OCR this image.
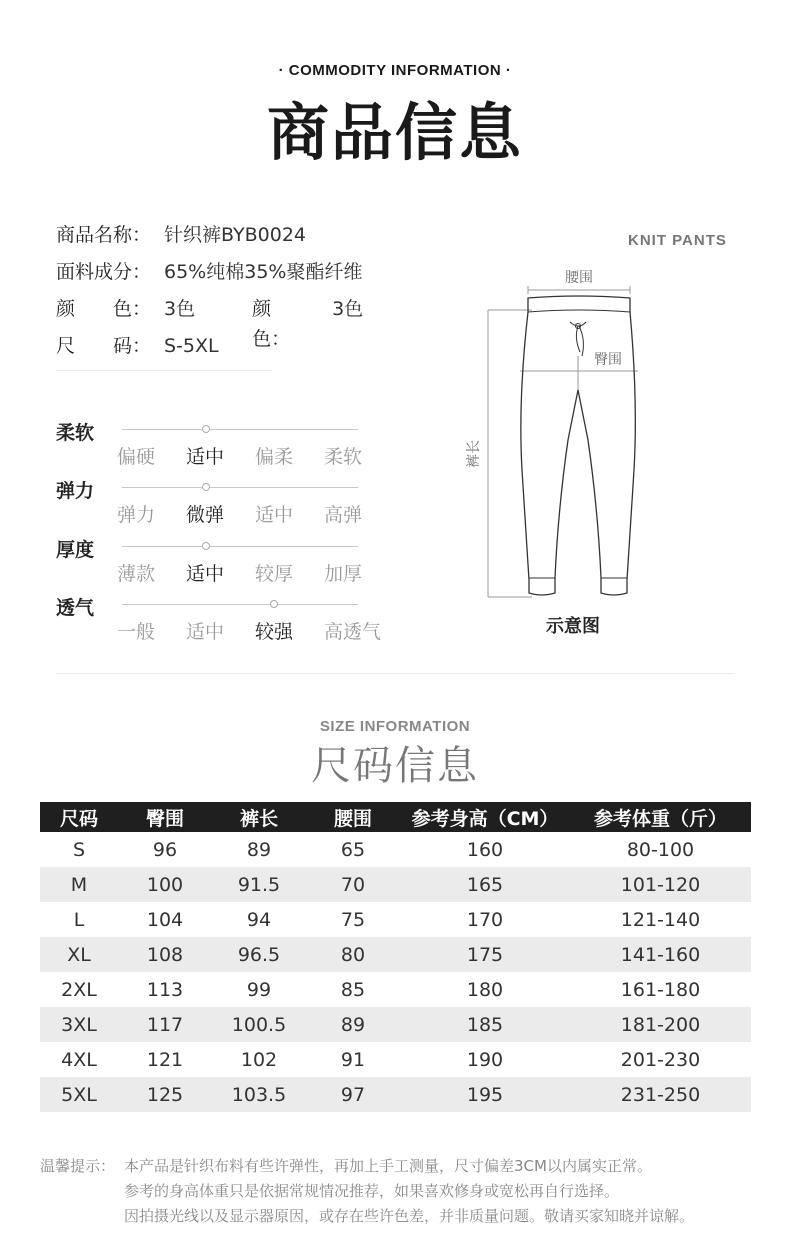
· COMMODITY INFORMATION ·
商品信息
商品名称： 针织裤BYB0024
面料成分： 65%纯棉35%聚酯纤维
颜　　色： 3色	颜　　色：
3色
尺　　码： S-5XL
柔软
偏硬	适中	偏柔	柔软
弹力
弹力	微弹	适中	高弹
厚度
薄款	适中	较厚	加厚
透气
一般	适中	较强	高透气
KNIT PANTS
腰围
臀围
裤长
示意图
SIZE INFORMATION
尺码信息
尺码	臀围	裤长	腰围	参考身高（CM）	参考体重（斤）
S	96	89	65	160	80-100
M	100	91.5	70	165	101-120
L	104	94	75	170	121-140
XL	108	96.5	80	175	141-160
2XL	113	99	85	180	161-180
3XL	117	100.5	89	185	181-200
4XL	121	102	91	190	201-230
5XL	125	103.5	97	195	231-250
温馨提示： 本产品是针织布料有些许弹性，再加上手工测量，尺寸偏差3CM以内属实正常。
参考的身高体重只是依据常规情况推荐，如果喜欢修身或宽松再自行选择。
因拍摄光线以及显示器原因，或存在些许色差，并非质量问题。敬请买家知晓并谅解。
